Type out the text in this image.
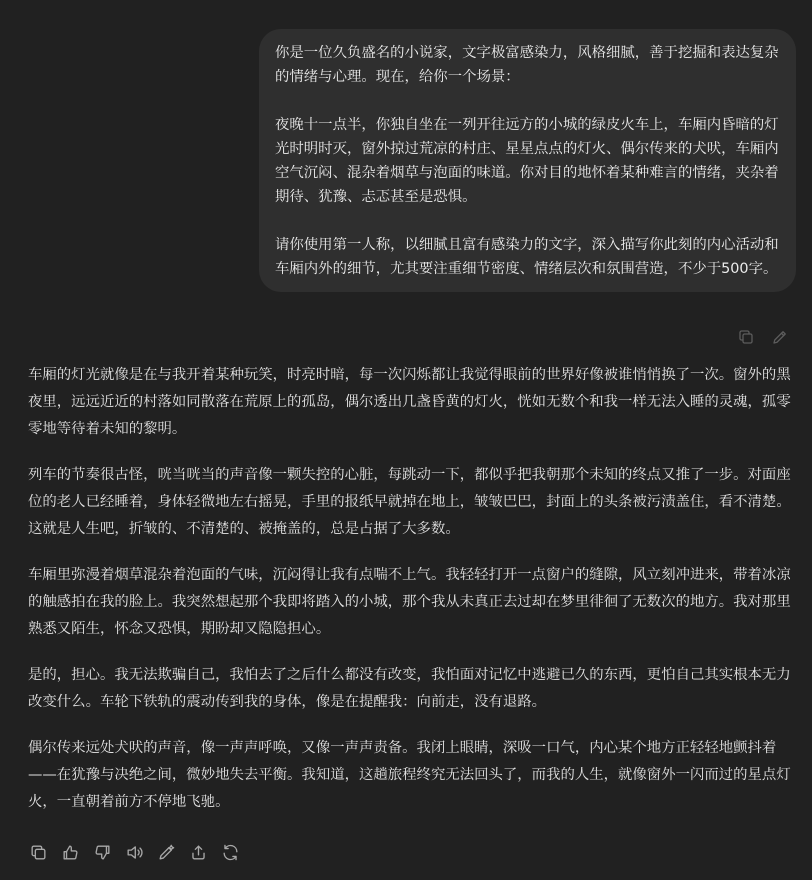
你是一位久负盛名的小说家，文字极富感染力，风格细腻，善于挖掘和表达复杂的情绪与心理。现在，给你一个场景：

夜晚十一点半，你独自坐在一列开往远方的小城的绿皮火车上，车厢内昏暗的灯光时明时灭，窗外掠过荒凉的村庄、星星点点的灯火、偶尔传来的犬吠，车厢内空气沉闷、混杂着烟草与泡面的味道。你对目的地怀着某种难言的情绪，夹杂着期待、犹豫、忐忑甚至是恐惧。

请你使用第一人称，以细腻且富有感染力的文字，深入描写你此刻的内心活动和车厢内外的细节，尤其要注重细节密度、情绪层次和氛围营造，不少于500字。

车厢的灯光就像是在与我开着某种玩笑，时亮时暗，每一次闪烁都让我觉得眼前的世界好像被谁悄悄换了一次。窗外的黑夜里，远远近近的村落如同散落在荒原上的孤岛，偶尔透出几盏昏黄的灯火，恍如无数个和我一样无法入睡的灵魂，孤零零地等待着未知的黎明。

列车的节奏很古怪，咣当咣当的声音像一颗失控的心脏，每跳动一下，都似乎把我朝那个未知的终点又推了一步。对面座位的老人已经睡着，身体轻微地左右摇晃，手里的报纸早就掉在地上，皱皱巴巴，封面上的头条被污渍盖住，看不清楚。这就是人生吧，折皱的、不清楚的、被掩盖的，总是占据了大多数。

车厢里弥漫着烟草混杂着泡面的气味，沉闷得让我有点喘不上气。我轻轻打开一点窗户的缝隙，风立刻冲进来，带着冰凉的触感拍在我的脸上。我突然想起那个我即将踏入的小城，那个我从未真正去过却在梦里徘徊了无数次的地方。我对那里熟悉又陌生，怀念又恐惧，期盼却又隐隐担心。

是的，担心。我无法欺骗自己，我怕去了之后什么都没有改变，我怕面对记忆中逃避已久的东西，更怕自己其实根本无力改变什么。车轮下铁轨的震动传到我的身体，像是在提醒我：向前走，没有退路。

偶尔传来远处犬吠的声音，像一声声呼唤，又像一声声责备。我闭上眼睛，深吸一口气，内心某个地方正轻轻地颤抖着——在犹豫与决绝之间，微妙地失去平衡。我知道，这趟旅程终究无法回头了，而我的人生，就像窗外一闪而过的星点灯火，一直朝着前方不停地飞驰。
